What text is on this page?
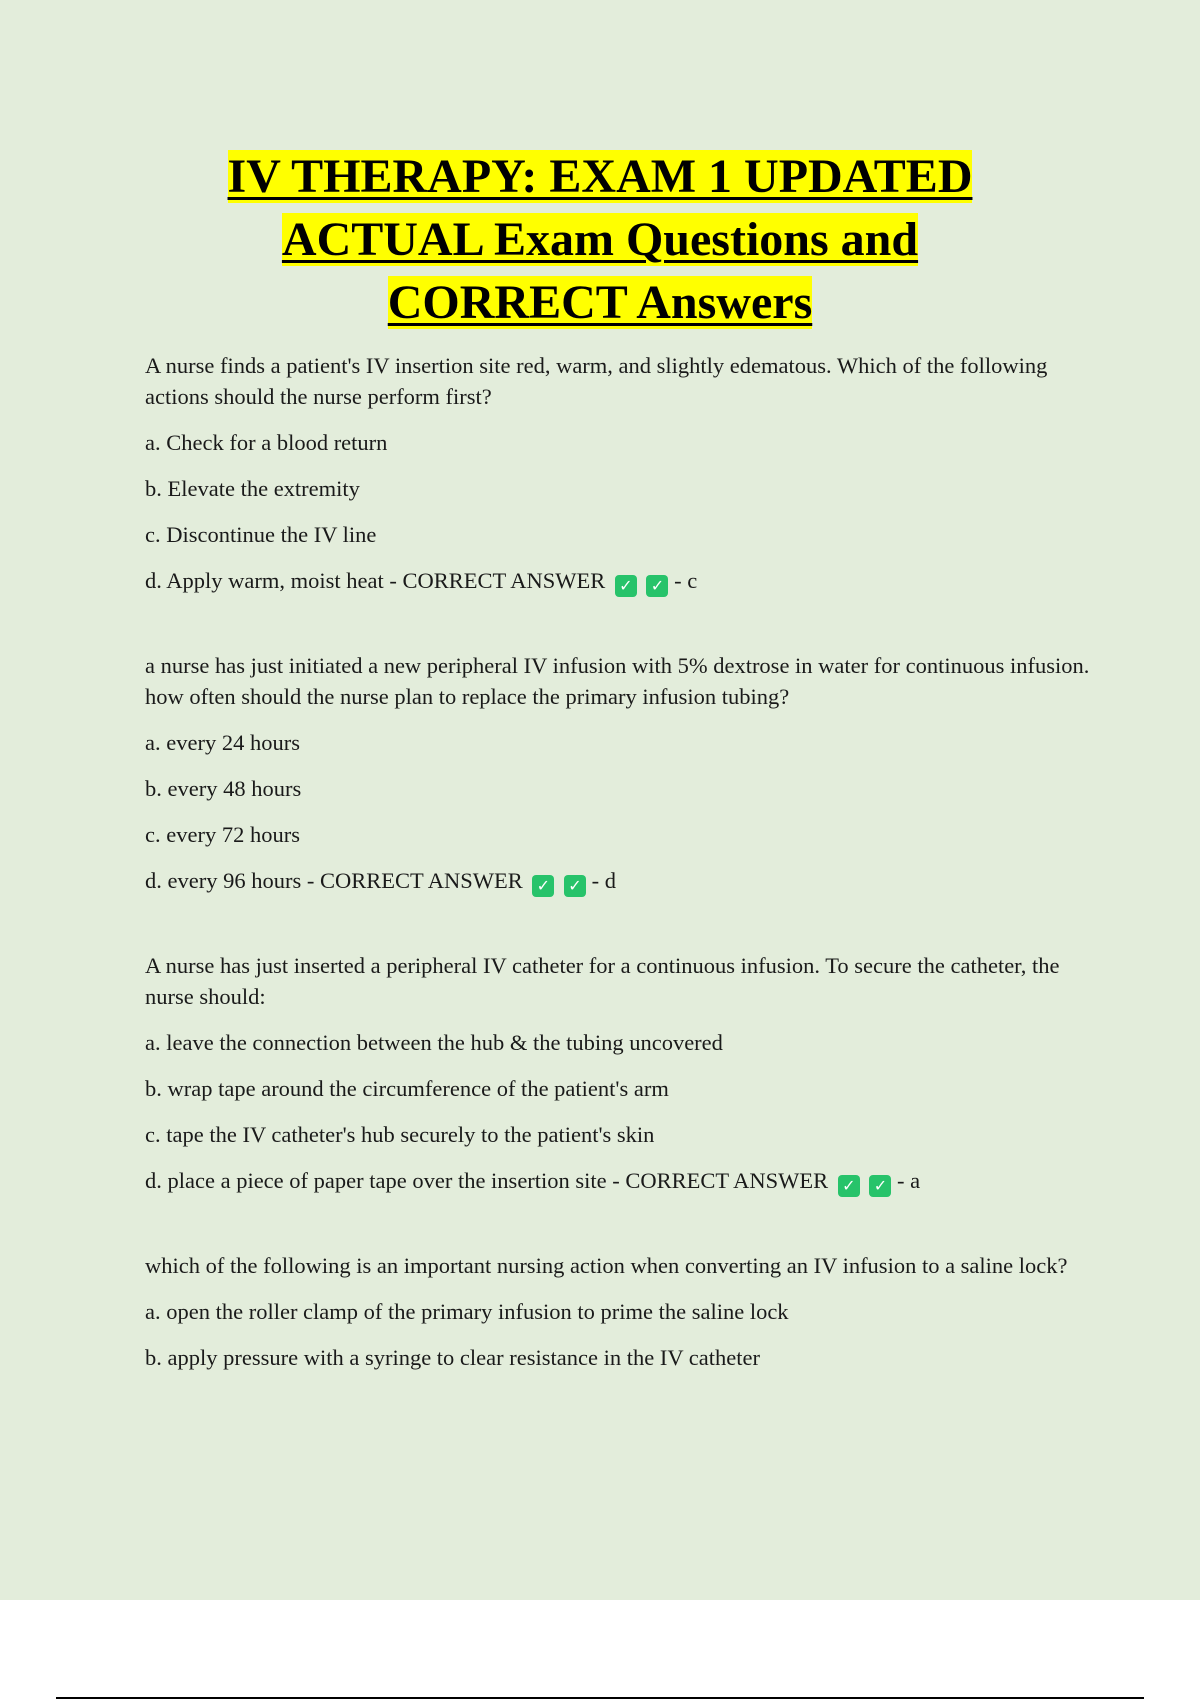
IV THERAPY: EXAM 1 UPDATED
ACTUAL Exam Questions and
CORRECT Answers

A nurse finds a patient's IV insertion site red, warm, and slightly edematous. Which of the following actions should the nurse perform first?

a. Check for a blood return

b. Elevate the extremity

c. Discontinue the IV line

d. Apply warm, moist heat - CORRECT ANSWER ✓ ✓ - c

a nurse has just initiated a new peripheral IV infusion with 5% dextrose in water for continuous infusion. how often should the nurse plan to replace the primary infusion tubing?

a. every 24 hours

b. every 48 hours

c. every 72 hours

d. every 96 hours - CORRECT ANSWER ✓ ✓ - d

A nurse has just inserted a peripheral IV catheter for a continuous infusion. To secure the catheter, the nurse should:

a. leave the connection between the hub & the tubing uncovered

b. wrap tape around the circumference of the patient's arm

c. tape the IV catheter's hub securely to the patient's skin

d. place a piece of paper tape over the insertion site - CORRECT ANSWER ✓ ✓ - a

which of the following is an important nursing action when converting an IV infusion to a saline lock?

a. open the roller clamp of the primary infusion to prime the saline lock

b. apply pressure with a syringe to clear resistance in the IV catheter
